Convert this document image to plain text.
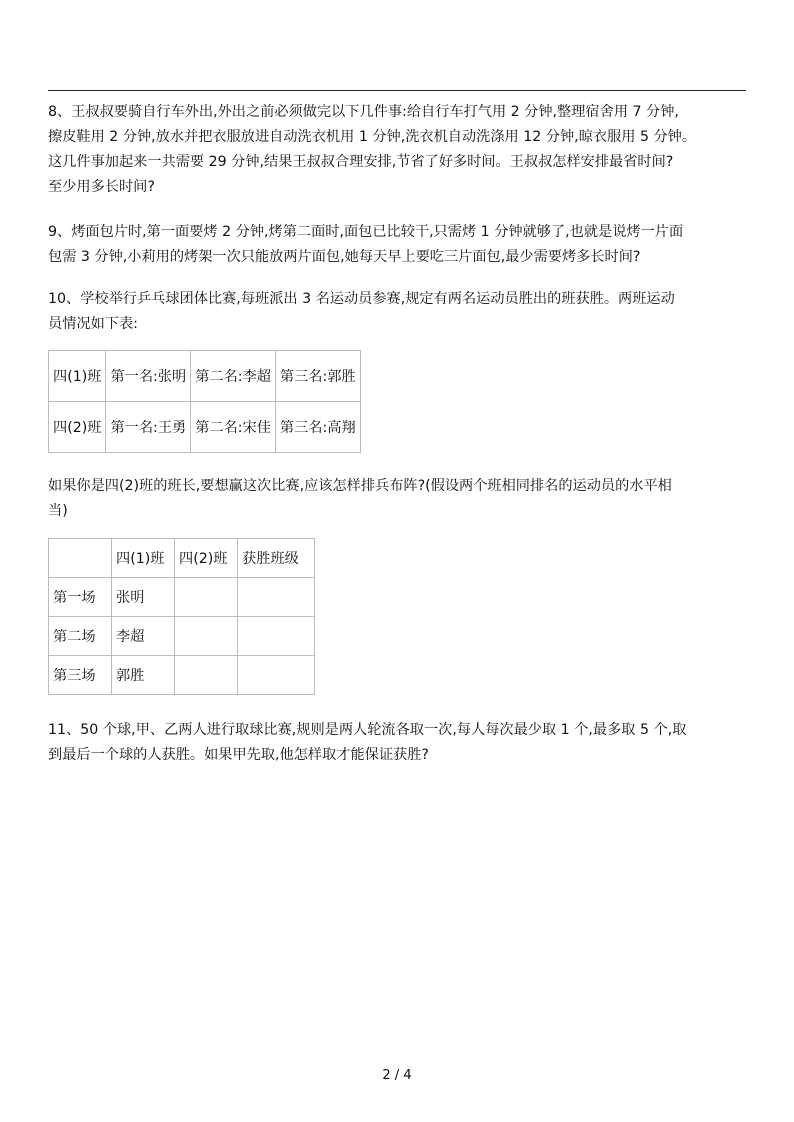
8、王叔叔要骑自行车外出,外出之前必须做完以下几件事:给自行车打气用 2 分钟,整理宿舍用 7 分钟,
擦皮鞋用 2 分钟,放水并把衣服放进自动洗衣机用 1 分钟,洗衣机自动洗涤用 12 分钟,晾衣服用 5 分钟。
这几件事加起来一共需要 29 分钟,结果王叔叔合理安排,节省了好多时间。王叔叔怎样安排最省时间?
至少用多长时间?
9、烤面包片时,第一面要烤 2 分钟,烤第二面时,面包已比较干,只需烤 1 分钟就够了,也就是说烤一片面
包需 3 分钟,小莉用的烤架一次只能放两片面包,她每天早上要吃三片面包,最少需要烤多长时间?
10、学校举行乒乓球团体比赛,每班派出 3 名运动员参赛,规定有两名运动员胜出的班获胜。两班运动
员情况如下表:
四(1)班	第一名:张明	第二名:李超	第三名:郭胜
四(2)班	第一名:王勇	第二名:宋佳	第三名:高翔
如果你是四(2)班的班长,要想赢这次比赛,应该怎样排兵布阵?(假设两个班相同排名的运动员的水平相
当)
	四(1)班	四(2)班	获胜班级
第一场	张明		
第二场	李超		
第三场	郭胜		
11、50 个球,甲、乙两人进行取球比赛,规则是两人轮流各取一次,每人每次最少取 1 个,最多取 5 个,取
到最后一个球的人获胜。如果甲先取,他怎样取才能保证获胜?
2 / 4
